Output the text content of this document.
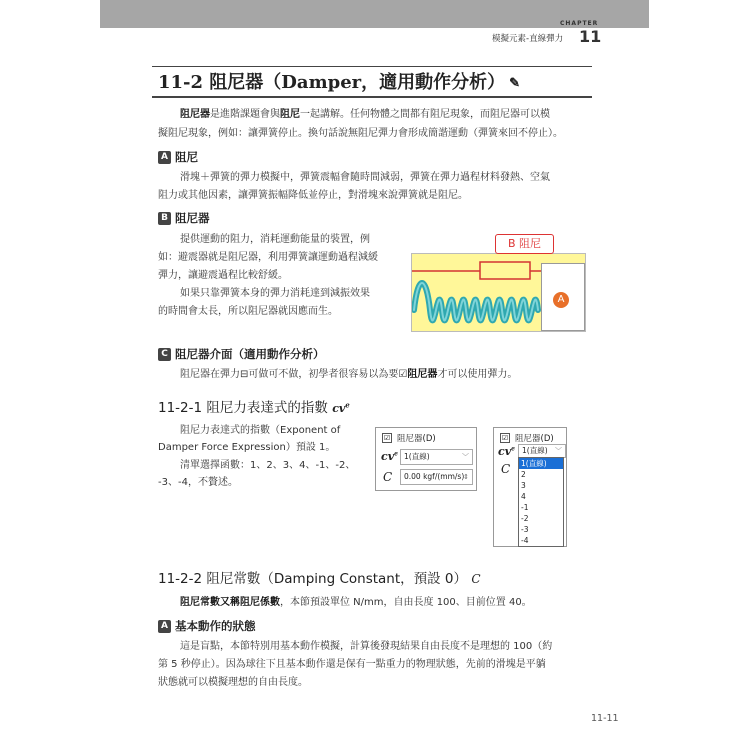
CHAPTER
模擬元素-直線彈力 11
11-2 阻尼器（Damper，適用動作分析） ✎
阻尼器是進階課題會與阻尼一起講解。任何物體之間都有阻尼現象，而阻尼器可以模
擬阻尼現象，例如：讓彈簧停止。換句話說無阻尼彈力會形成簡諧運動（彈簧來回不停止）。
A 阻尼
滑塊＋彈簧的彈力模擬中，彈簧震幅會隨時間減弱，彈簧在彈力過程材料發熱、空氣
阻力或其他因素，讓彈簧振幅降低並停止，對滑塊來說彈簧就是阻尼。
B 阻尼器
提供運動的阻力，消耗運動能量的裝置，例
如：避震器就是阻尼器，利用彈簧讓運動過程減緩
彈力，讓避震過程比較舒緩。
如果只靠彈簧本身的彈力消耗達到減振效果
的時間會太長，所以阻尼器就因應而生。
B 阻尼
A
C 阻尼器介面（適用動作分析）
阻尼器在彈力⊟可做可不做，初學者很容易以為要☑阻尼器才可以使用彈力。
11-2-1 阻尼力表達式的指數 $cv^e$
阻尼力表達式的指數（Exponent of
Damper Force Expression）預設 1。
清單選擇函數：1、2、3、4、-1、-2、
-3、-4，不贅述。
☑ 阻尼器(D)
$cv^e$ 1(直線)	﹀
C	0.00 kgf/(mm/s)
⇕
☑ 阻尼器(D)
$cv^e$ 1(直線) ﹀
C 1(直線)
2
3
4
-1
-2
-3
-4
11-2-2 阻尼常數（Damping Constant，預設 0） C
阻尼常數又稱阻尼係數，本節預設單位 N/mm，自由長度 100、目前位置 40。
A 基本動作的狀態
這是盲點，本節特別用基本動作模擬，計算後發現結果自由長度不是理想的 100（約
第 5 秒停止）。因為球往下且基本動作還是保有一點重力的物理狀態，先前的滑塊是平躺
狀態就可以模擬理想的自由長度。
11-11
